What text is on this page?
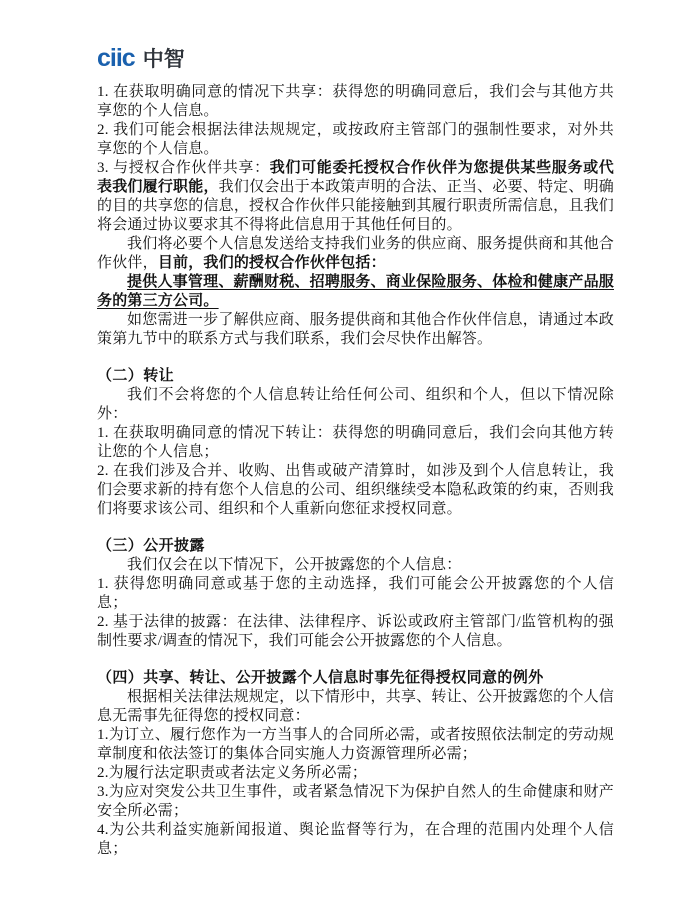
ciic 中智

1. 在获取明确同意的情况下共享：获得您的明确同意后，我们会与其他方共享您的个人信息。

2. 我们可能会根据法律法规规定，或按政府主管部门的强制性要求，对外共享您的个人信息。

3. 与授权合作伙伴共享：我们可能委托授权合作伙伴为您提供某些服务或代表我们履行职能，我们仅会出于本政策声明的合法、正当、必要、特定、明确的目的共享您的信息，授权合作伙伴只能接触到其履行职责所需信息，且我们将会通过协议要求其不得将此信息用于其他任何目的。

我们将必要个人信息发送给支持我们业务的供应商、服务提供商和其他合作伙伴，目前，我们的授权合作伙伴包括：

提供人事管理、薪酬财税、招聘服务、商业保险服务、体检和健康产品服务的第三方公司。

如您需进一步了解供应商、服务提供商和其他合作伙伴信息，请通过本政策第九节中的联系方式与我们联系，我们会尽快作出解答。

（二）转让

我们不会将您的个人信息转让给任何公司、组织和个人，但以下情况除外：

1. 在获取明确同意的情况下转让：获得您的明确同意后，我们会向其他方转让您的个人信息；

2. 在我们涉及合并、收购、出售或破产清算时，如涉及到个人信息转让，我们会要求新的持有您个人信息的公司、组织继续受本隐私政策的约束，否则我们将要求该公司、组织和个人重新向您征求授权同意。

（三）公开披露

我们仅会在以下情况下，公开披露您的个人信息：

1. 获得您明确同意或基于您的主动选择，我们可能会公开披露您的个人信息；

2. 基于法律的披露：在法律、法律程序、诉讼或政府主管部门/监管机构的强制性要求/调查的情况下，我们可能会公开披露您的个人信息。

（四）共享、转让、公开披露个人信息时事先征得授权同意的例外

根据相关法律法规规定，以下情形中，共享、转让、公开披露您的个人信息无需事先征得您的授权同意：

1.为订立、履行您作为一方当事人的合同所必需，或者按照依法制定的劳动规章制度和依法签订的集体合同实施人力资源管理所必需；

2.为履行法定职责或者法定义务所必需；

3.为应对突发公共卫生事件，或者紧急情况下为保护自然人的生命健康和财产安全所必需；

4.为公共利益实施新闻报道、舆论监督等行为，在合理的范围内处理个人信息；
